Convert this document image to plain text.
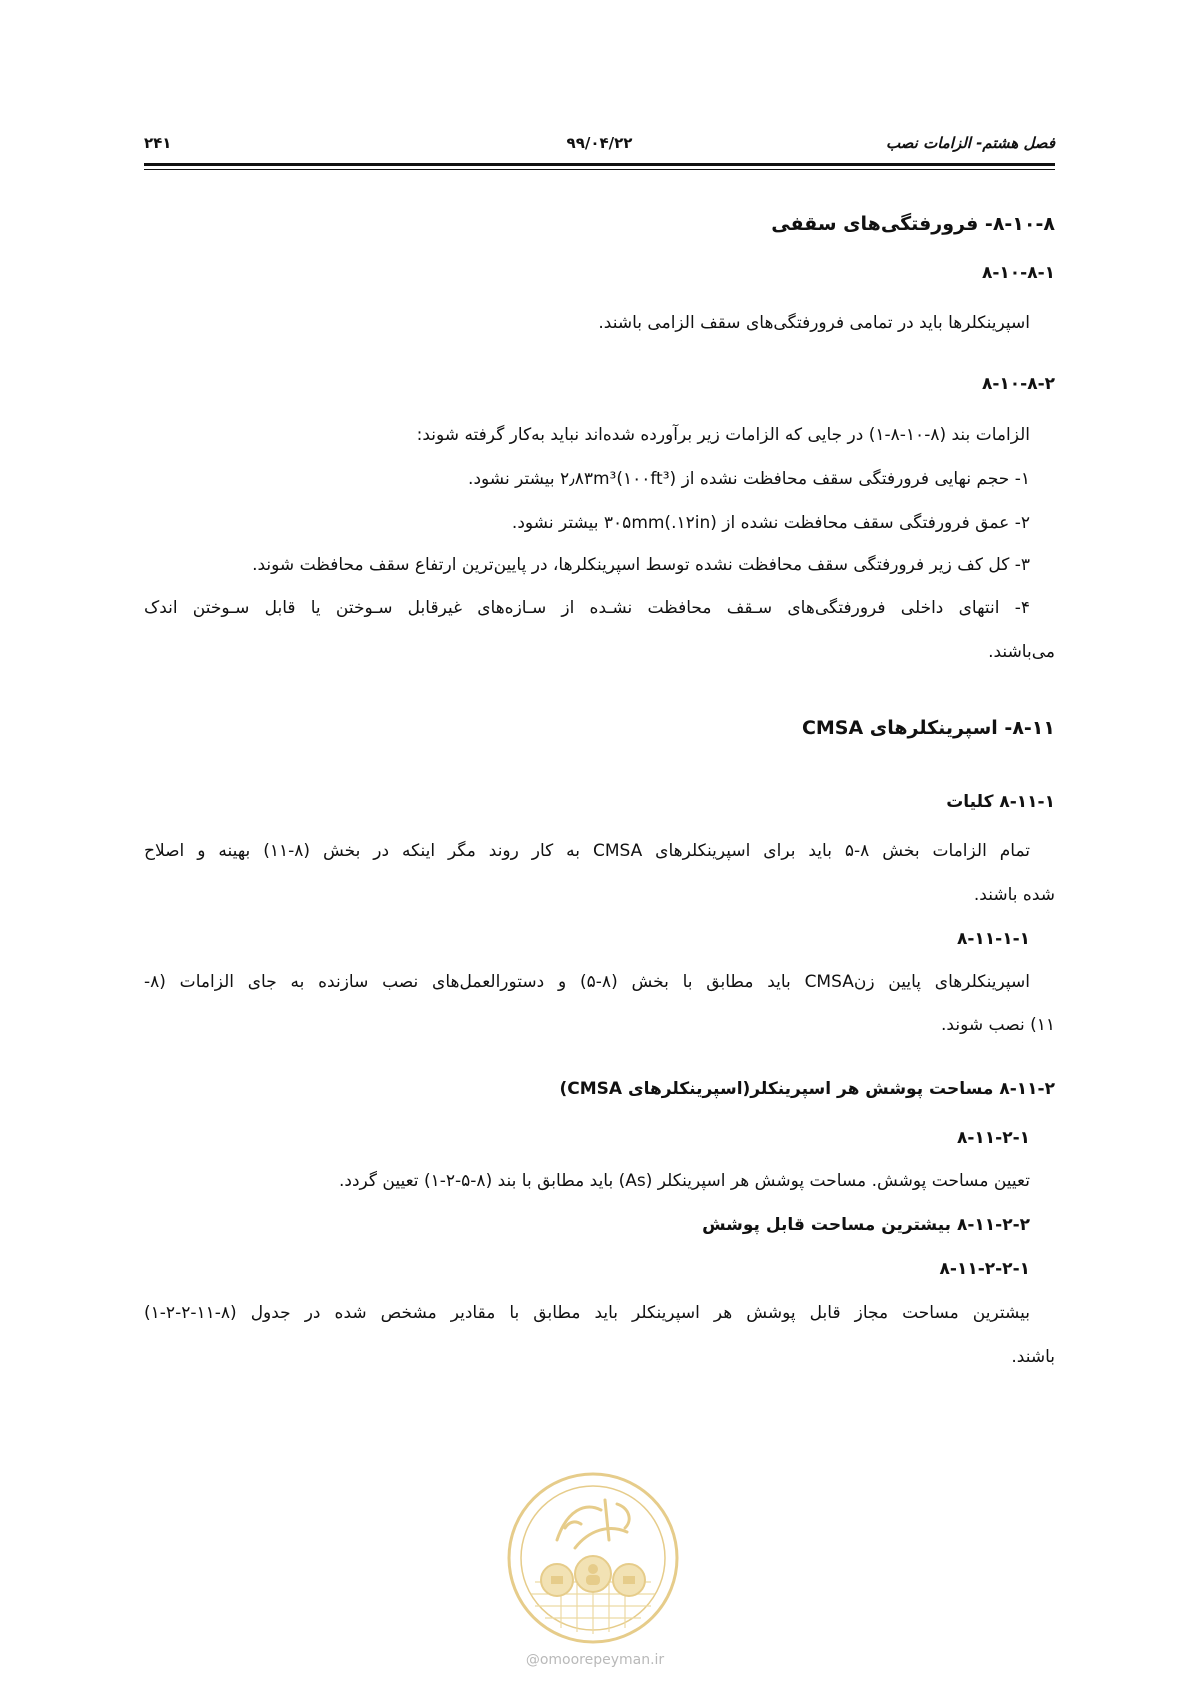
فصل هشتم- الزامات نصب
۹۹/۰۴/۲۲
۲۴۱
۸-۱۰-۸- فرورفتگی‌های سقفی
۸-۱۰-۸-۱
اسپرینکلرها باید در تمامی فرورفتگی‌های سقف الزامی باشند.
۸-۱۰-۸-۲
الزامات بند (۸-۱۰-۸-۱) در جایی که الزامات زیر برآورده شده‌اند نباید به‌کار گرفته شوند:
۱- حجم نهایی فرورفتگی سقف محافظت نشده از ۲٫۸۳m³(۱۰۰ft³) بیشتر نشود.
۲- عمق فرورفتگی سقف محافظت نشده از ۳۰۵mm(.۱۲in) بیشتر نشود.
۳- کل کف زیر فرورفتگی سقف محافظت نشده توسط اسپرینکلرها، در پایین‌ترین ارتفاع سقف محافظت شوند.
۴- انتهای داخلی فرورفتگی‌های سـقف محافظت نشـده از سـازه‌های غیرقابل سـوختن یا قابل سـوختن اندک
می‌باشند.
۸-۱۱- اسپرینکلرهای CMSA
۸-۱۱-۱ کلیات
تمام الزامات بخش ۸-۵ باید برای اسپرینکلرهای CMSA به کار روند مگر اینکه در بخش (۸-۱۱) بهینه و اصلاح
شده باشند.
۸-۱۱-۱-۱
اسپرینکلرهای پایین زنCMSA باید مطابق با بخش (۸-۵) و دستورالعمل‌های نصب سازنده به جای الزامات (۸-
۱۱) نصب شوند.
۸-۱۱-۲ مساحت پوشش هر اسپرینکلر(اسپرینکلرهای CMSA)
۸-۱۱-۲-۱
تعیین مساحت پوشش. مساحت پوشش هر اسپرینکلر (As) باید مطابق با بند (۸-۵-۲-۱) تعیین گردد.
۸-۱۱-۲-۲ بیشترین مساحت قابل پوشش
۸-۱۱-۲-۲-۱
بیشترین مساحت مجاز قابل پوشش هر اسپرینکلر باید مطابق با مقادیر مشخص شده در جدول (۸-۱۱-۲-۲-۱)
باشند.
@omoorepeyman.ir
